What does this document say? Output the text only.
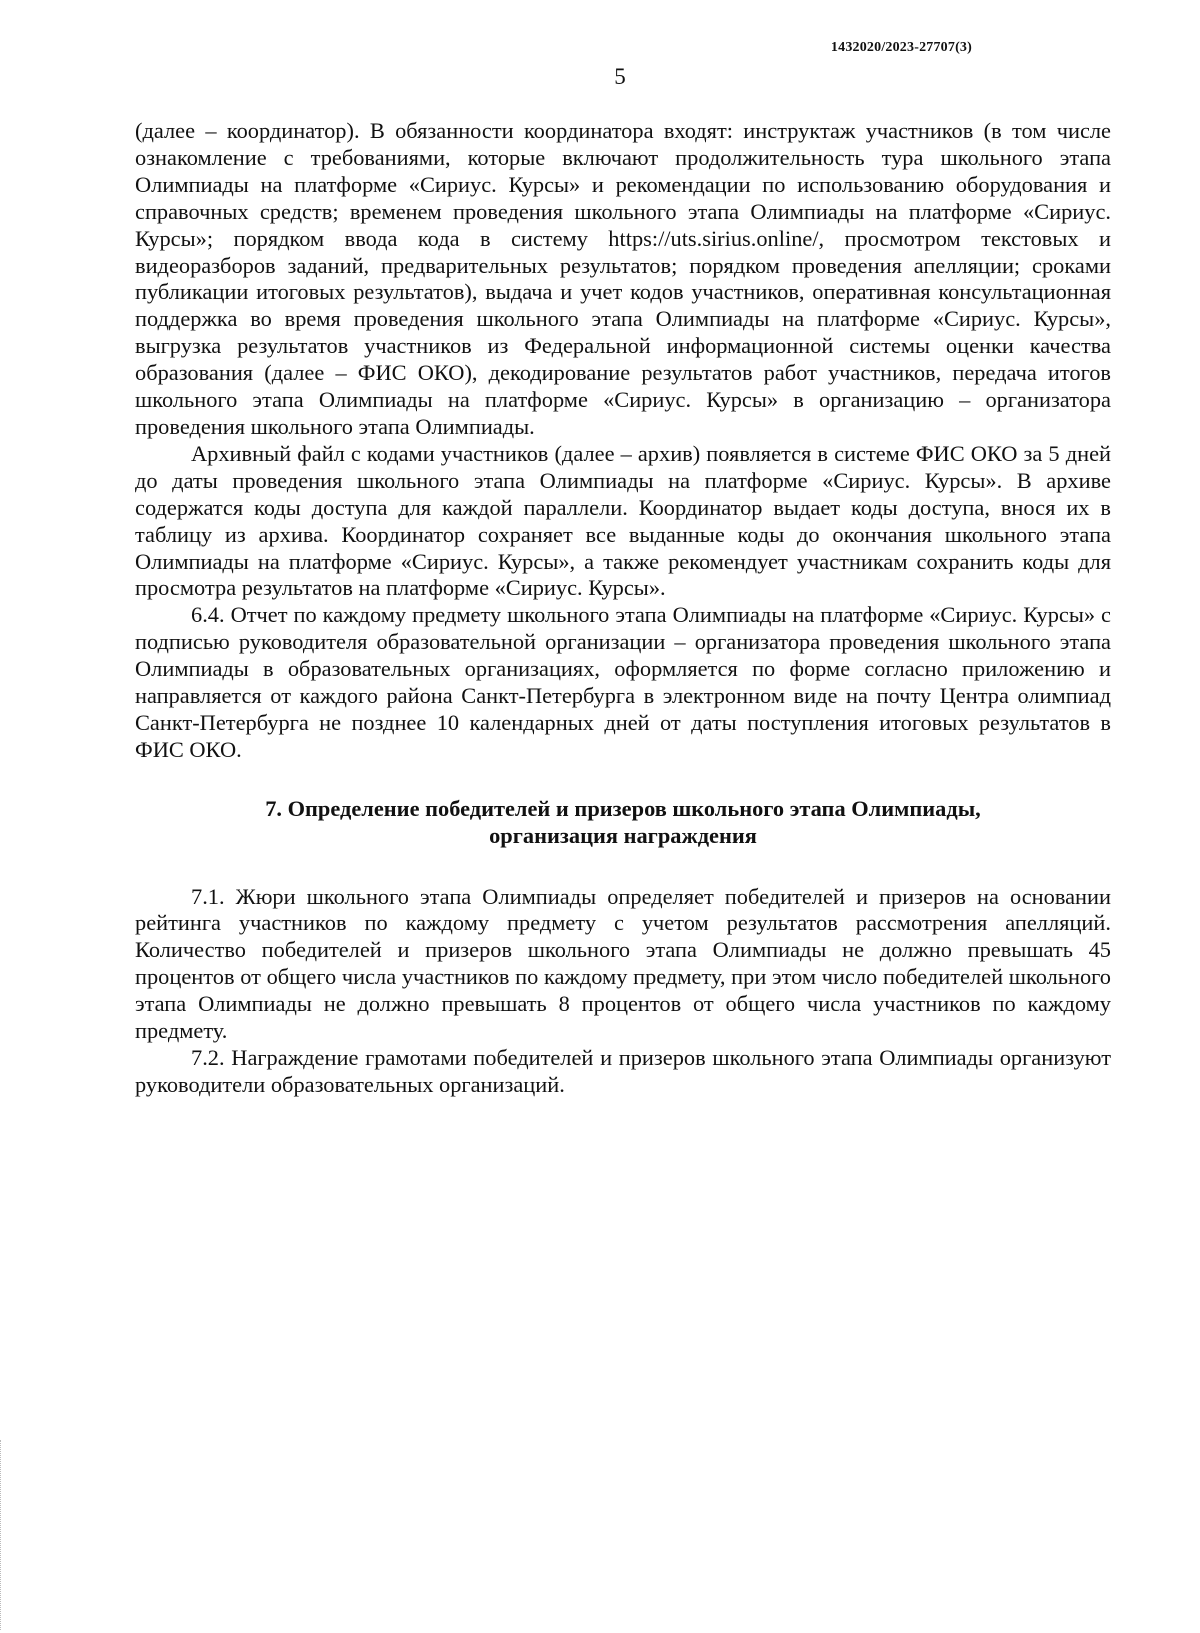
1432020/2023-27707(3)
5

(далее – координатор). В обязанности координатора входят: инструктаж участников (в том числе ознакомление с требованиями, которые включают продолжительность тура школьного этапа Олимпиады на платформе «Сириус. Курсы» и рекомендации по использованию оборудования и справочных средств; временем проведения школьного этапа Олимпиады на платформе «Сириус. Курсы»; порядком ввода кода в систему https://uts.sirius.online/, просмотром текстовых и видеоразборов заданий, предварительных результатов; порядком проведения апелляции; сроками публикации итоговых результатов), выдача и учет кодов участников, оперативная консультационная поддержка во время проведения школьного этапа Олимпиады на платформе «Сириус. Курсы», выгрузка результатов участников из Федеральной информационной системы оценки качества образования (далее – ФИС ОКО), декодирование результатов работ участников, передача итогов школьного этапа Олимпиады на платформе «Сириус. Курсы» в организацию – организатора проведения школьного этапа Олимпиады.

Архивный файл с кодами участников (далее – архив) появляется в системе ФИС ОКО за 5 дней до даты проведения школьного этапа Олимпиады на платформе «Сириус. Курсы». В архиве содержатся коды доступа для каждой параллели. Координатор выдает коды доступа, внося их в таблицу из архива. Координатор сохраняет все выданные коды до окончания школьного этапа Олимпиады на платформе «Сириус. Курсы», а также рекомендует участникам сохранить коды для просмотра результатов на платформе «Сириус. Курсы».

6.4. Отчет по каждому предмету школьного этапа Олимпиады на платформе «Сириус. Курсы» с подписью руководителя образовательной организации – организатора проведения школьного этапа Олимпиады в образовательных организациях, оформляется по форме согласно приложению и направляется от каждого района Санкт-Петербурга в электронном виде на почту Центра олимпиад Санкт-Петербурга не позднее 10 календарных дней от даты поступления итоговых результатов в ФИС ОКО.

7. Определение победителей и призеров школьного этапа Олимпиады,
организация награждения

7.1. Жюри школьного этапа Олимпиады определяет победителей и призеров на основании рейтинга участников по каждому предмету с учетом результатов рассмотрения апелляций. Количество победителей и призеров школьного этапа Олимпиады не должно превышать 45 процентов от общего числа участников по каждому предмету, при этом число победителей школьного этапа Олимпиады не должно превышать 8 процентов от общего числа участников по каждому предмету.

7.2. Награждение грамотами победителей и призеров школьного этапа Олимпиады организуют руководители образовательных организаций.
